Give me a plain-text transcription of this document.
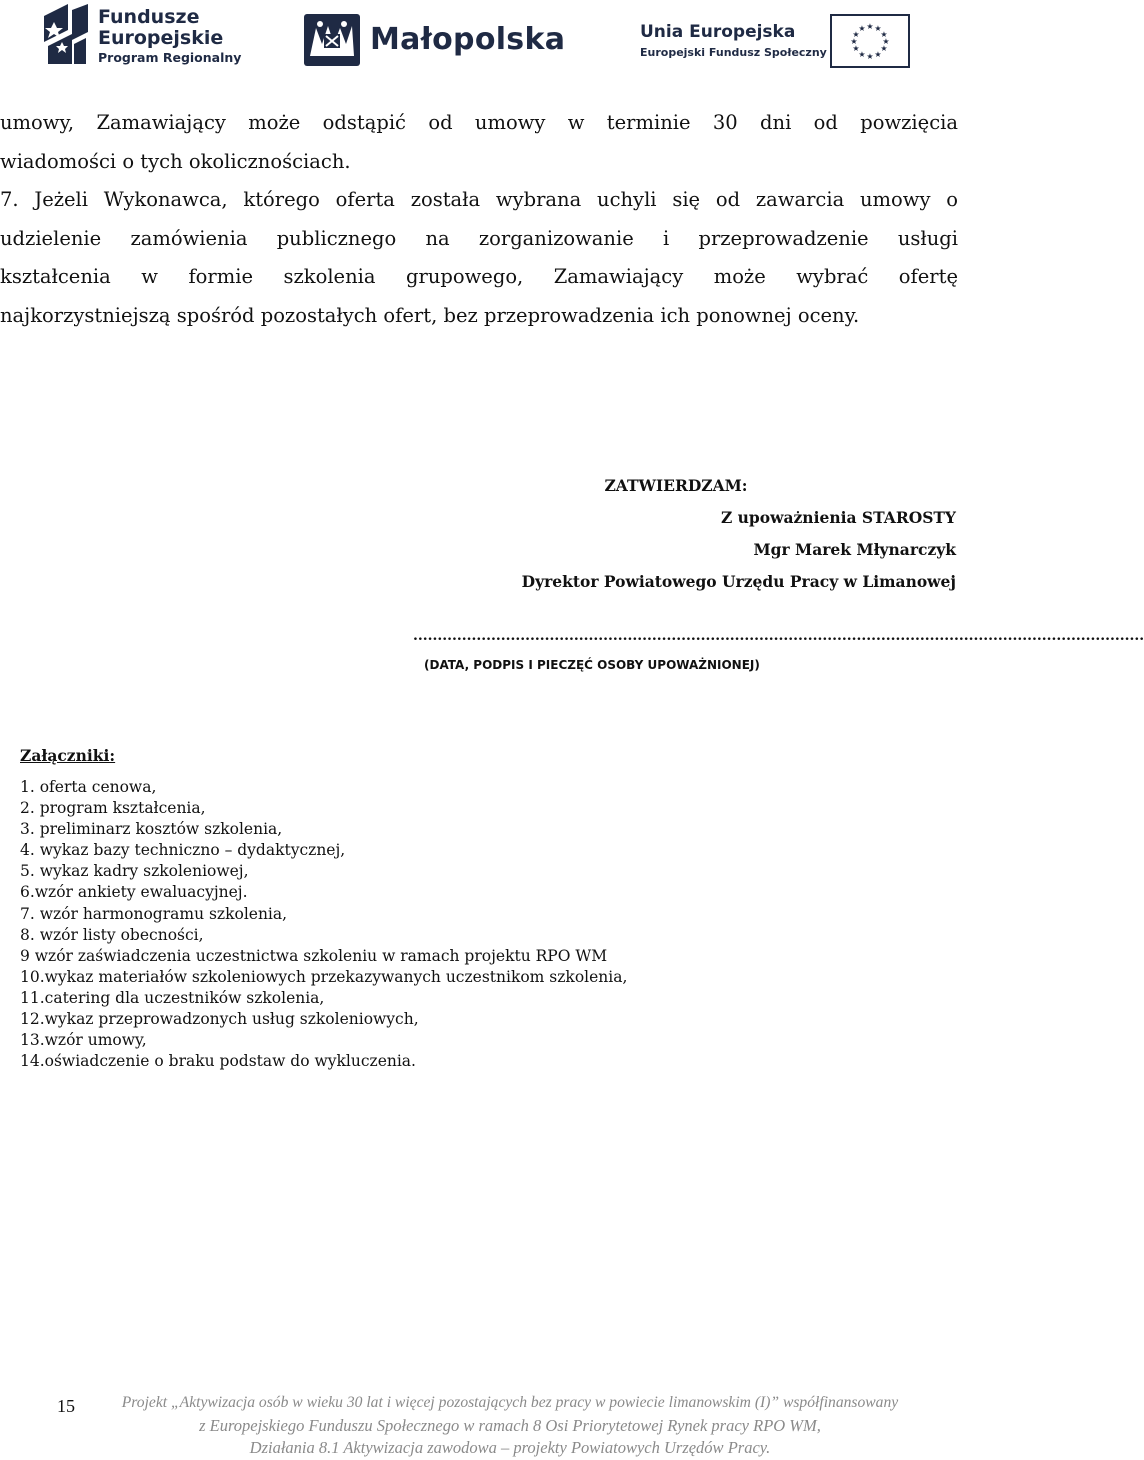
Fundusze
Europejskie
Program Regionalny
Małopolska	Unia Europejska
Europejski Fundusz Społeczny
★ ★
★
★
★
★
★
★
★
★
★
★
umowy, Zamawiający może odstąpić od umowy w terminie 30 dni od powzięcia
wiadomości o tych okolicznościach.
7. Jeżeli Wykonawca, którego oferta została wybrana uchyli się od zawarcia umowy o
udzielenie zamówienia publicznego na zorganizowanie i przeprowadzenie usługi
kształcenia w formie szkolenia grupowego, Zamawiający może wybrać ofertę
najkorzystniejszą spośród pozostałych ofert, bez przeprowadzenia ich ponownej oceny.
ZATWIERDZAM:
Z upoważnienia STAROSTY
Mgr Marek Młynarczyk
Dyrektor Powiatowego Urzędu Pracy w Limanowej
......................................................................................................................................................
(DATA, PODPIS I PIECZĘĆ OSOBY UPOWAŻNIONEJ)
Załączniki:
1. oferta cenowa,
2. program kształcenia,
3. preliminarz kosztów szkolenia,
4. wykaz bazy techniczno – dydaktycznej,
5. wykaz kadry szkoleniowej,
6.wzór ankiety ewaluacyjnej.
7. wzór harmonogramu szkolenia,
8. wzór listy obecności,
9 wzór zaświadczenia uczestnictwa szkoleniu w ramach projektu RPO WM
10.wykaz materiałów szkoleniowych przekazywanych uczestnikom szkolenia,
11.catering dla uczestników szkolenia,
12.wykaz przeprowadzonych usług szkoleniowych,
13.wzór umowy,
14.oświadczenie o braku podstaw do wykluczenia.
Projekt „Aktywizacja osób w wieku 30 lat i więcej pozostających bez pracy w powiecie limanowskim (I)” współfinansowany
z Europejskiego Funduszu Społecznego w ramach 8 Osi Priorytetowej Rynek pracy RPO WM,
Działania 8.1 Aktywizacja zawodowa – projekty Powiatowych Urzędów Pracy.
15
